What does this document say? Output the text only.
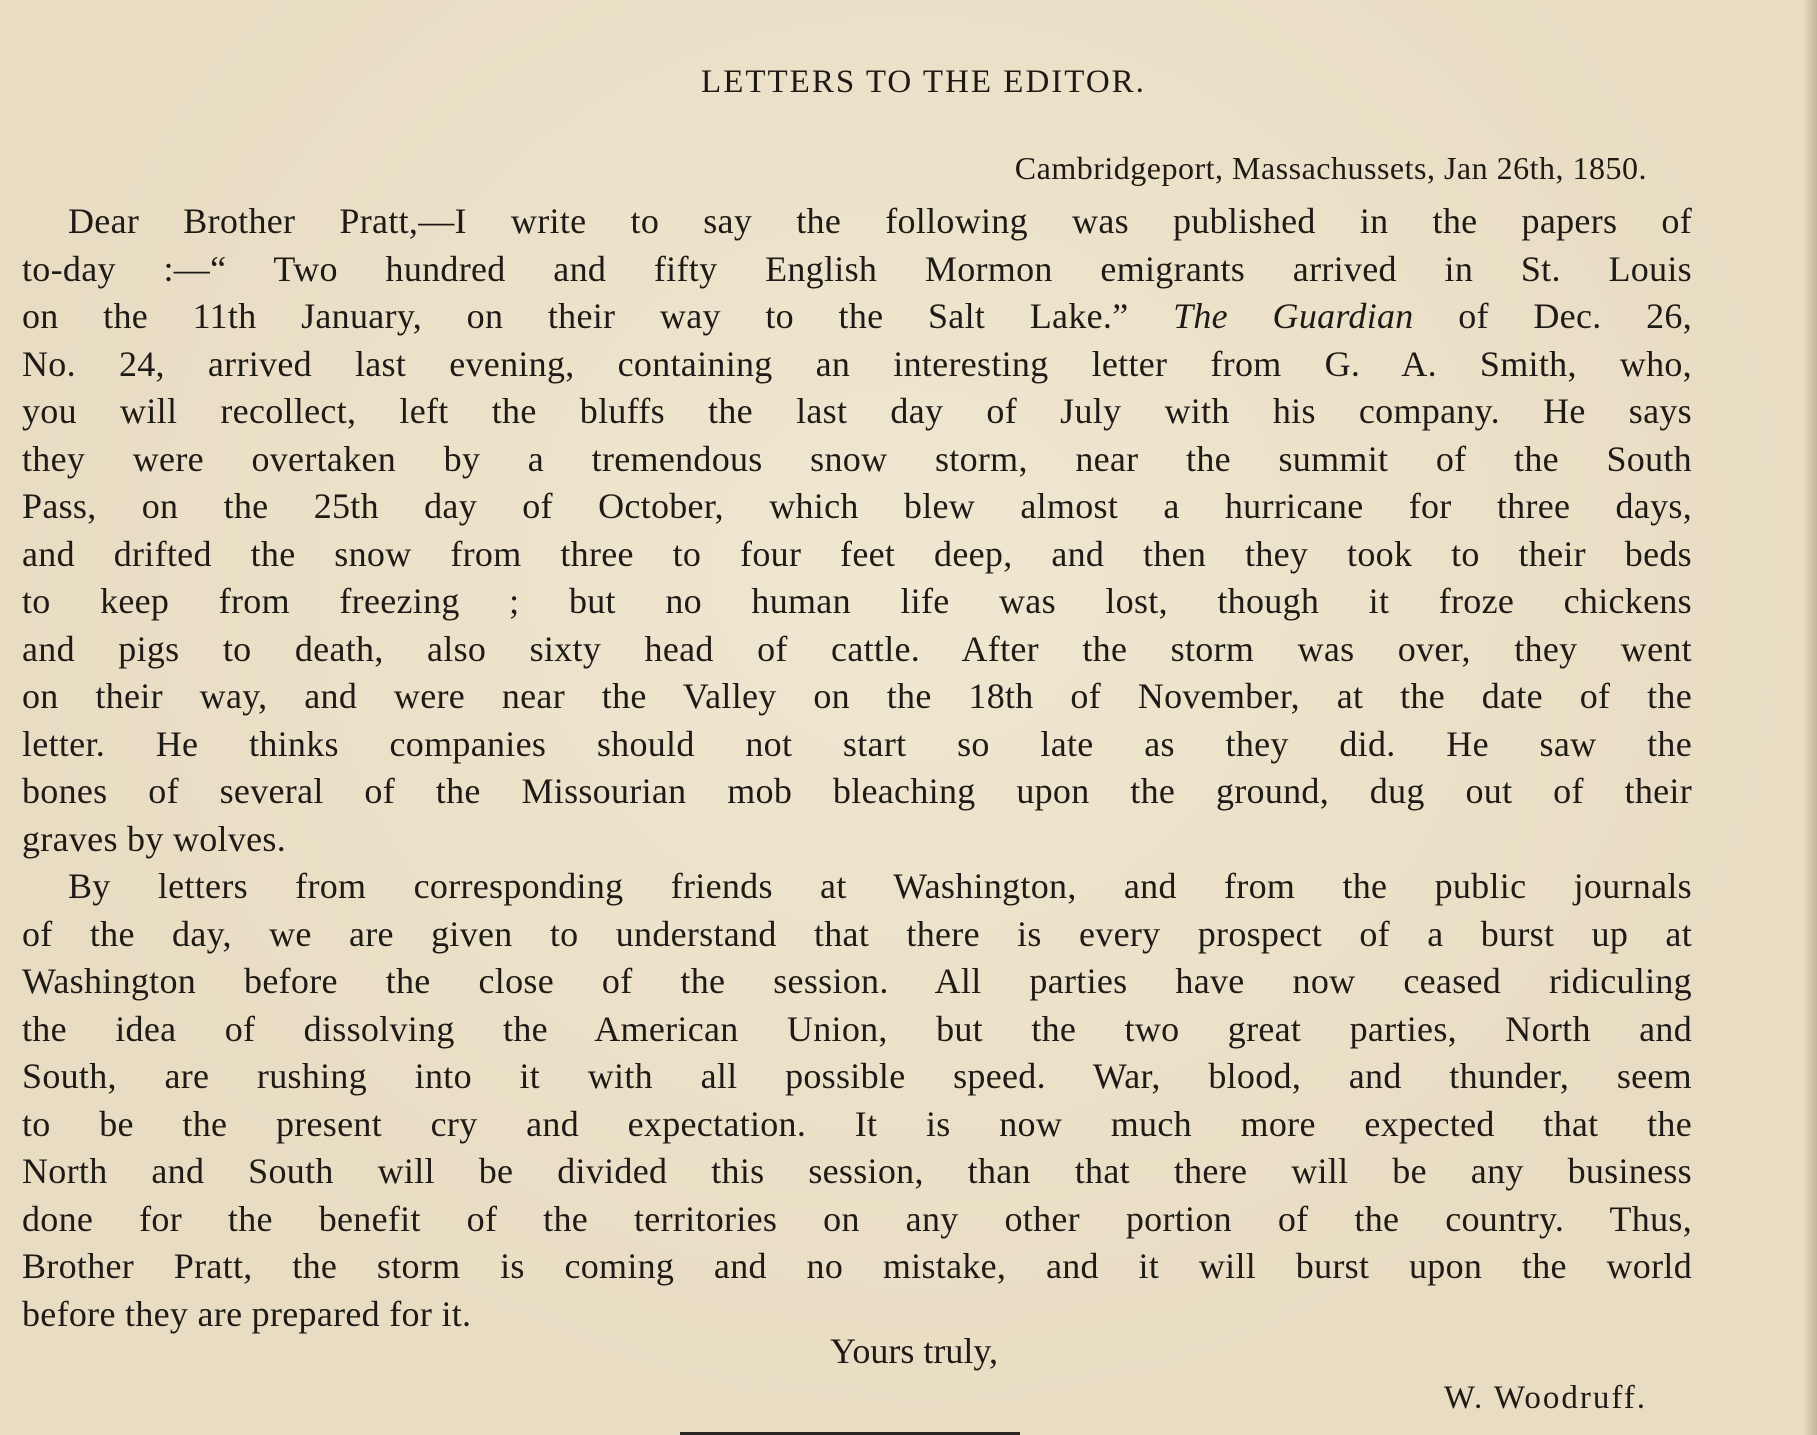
LETTERS TO THE EDITOR.
Cambridgeport, Massachussets, Jan 26th, 1850.
Dear Brother Pratt,—I write to say the following was published in the papers of
to-day :—“ Two hundred and fifty English Mormon emigrants arrived in St. Louis
on the 11th January, on their way to the Salt Lake.” The Guardian of Dec. 26,
No. 24, arrived last evening, containing an interesting letter from G. A. Smith, who,
you will recollect, left the bluffs the last day of July with his company. He says
they were overtaken by a tremendous snow storm, near the summit of the South
Pass, on the 25th day of October, which blew almost a hurricane for three days,
and drifted the snow from three to four feet deep, and then they took to their beds
to keep from freezing ; but no human life was lost, though it froze chickens
and pigs to death, also sixty head of cattle. After the storm was over, they went
on their way, and were near the Valley on the 18th of November, at the date of the
letter. He thinks companies should not start so late as they did. He saw the
bones of several of the Missourian mob bleaching upon the ground, dug out of their
graves by wolves.
By letters from corresponding friends at Washington, and from the public journals
of the day, we are given to understand that there is every prospect of a burst up at
Washington before the close of the session. All parties have now ceased ridiculing
the idea of dissolving the American Union, but the two great parties, North and
South, are rushing into it with all possible speed. War, blood, and thunder, seem
to be the present cry and expectation. It is now much more expected that the
North and South will be divided this session, than that there will be any business
done for the benefit of the territories on any other portion of the country. Thus,
Brother Pratt, the storm is coming and no mistake, and it will burst upon the world
before they are prepared for it.
Yours truly,
W. Woodruff.
